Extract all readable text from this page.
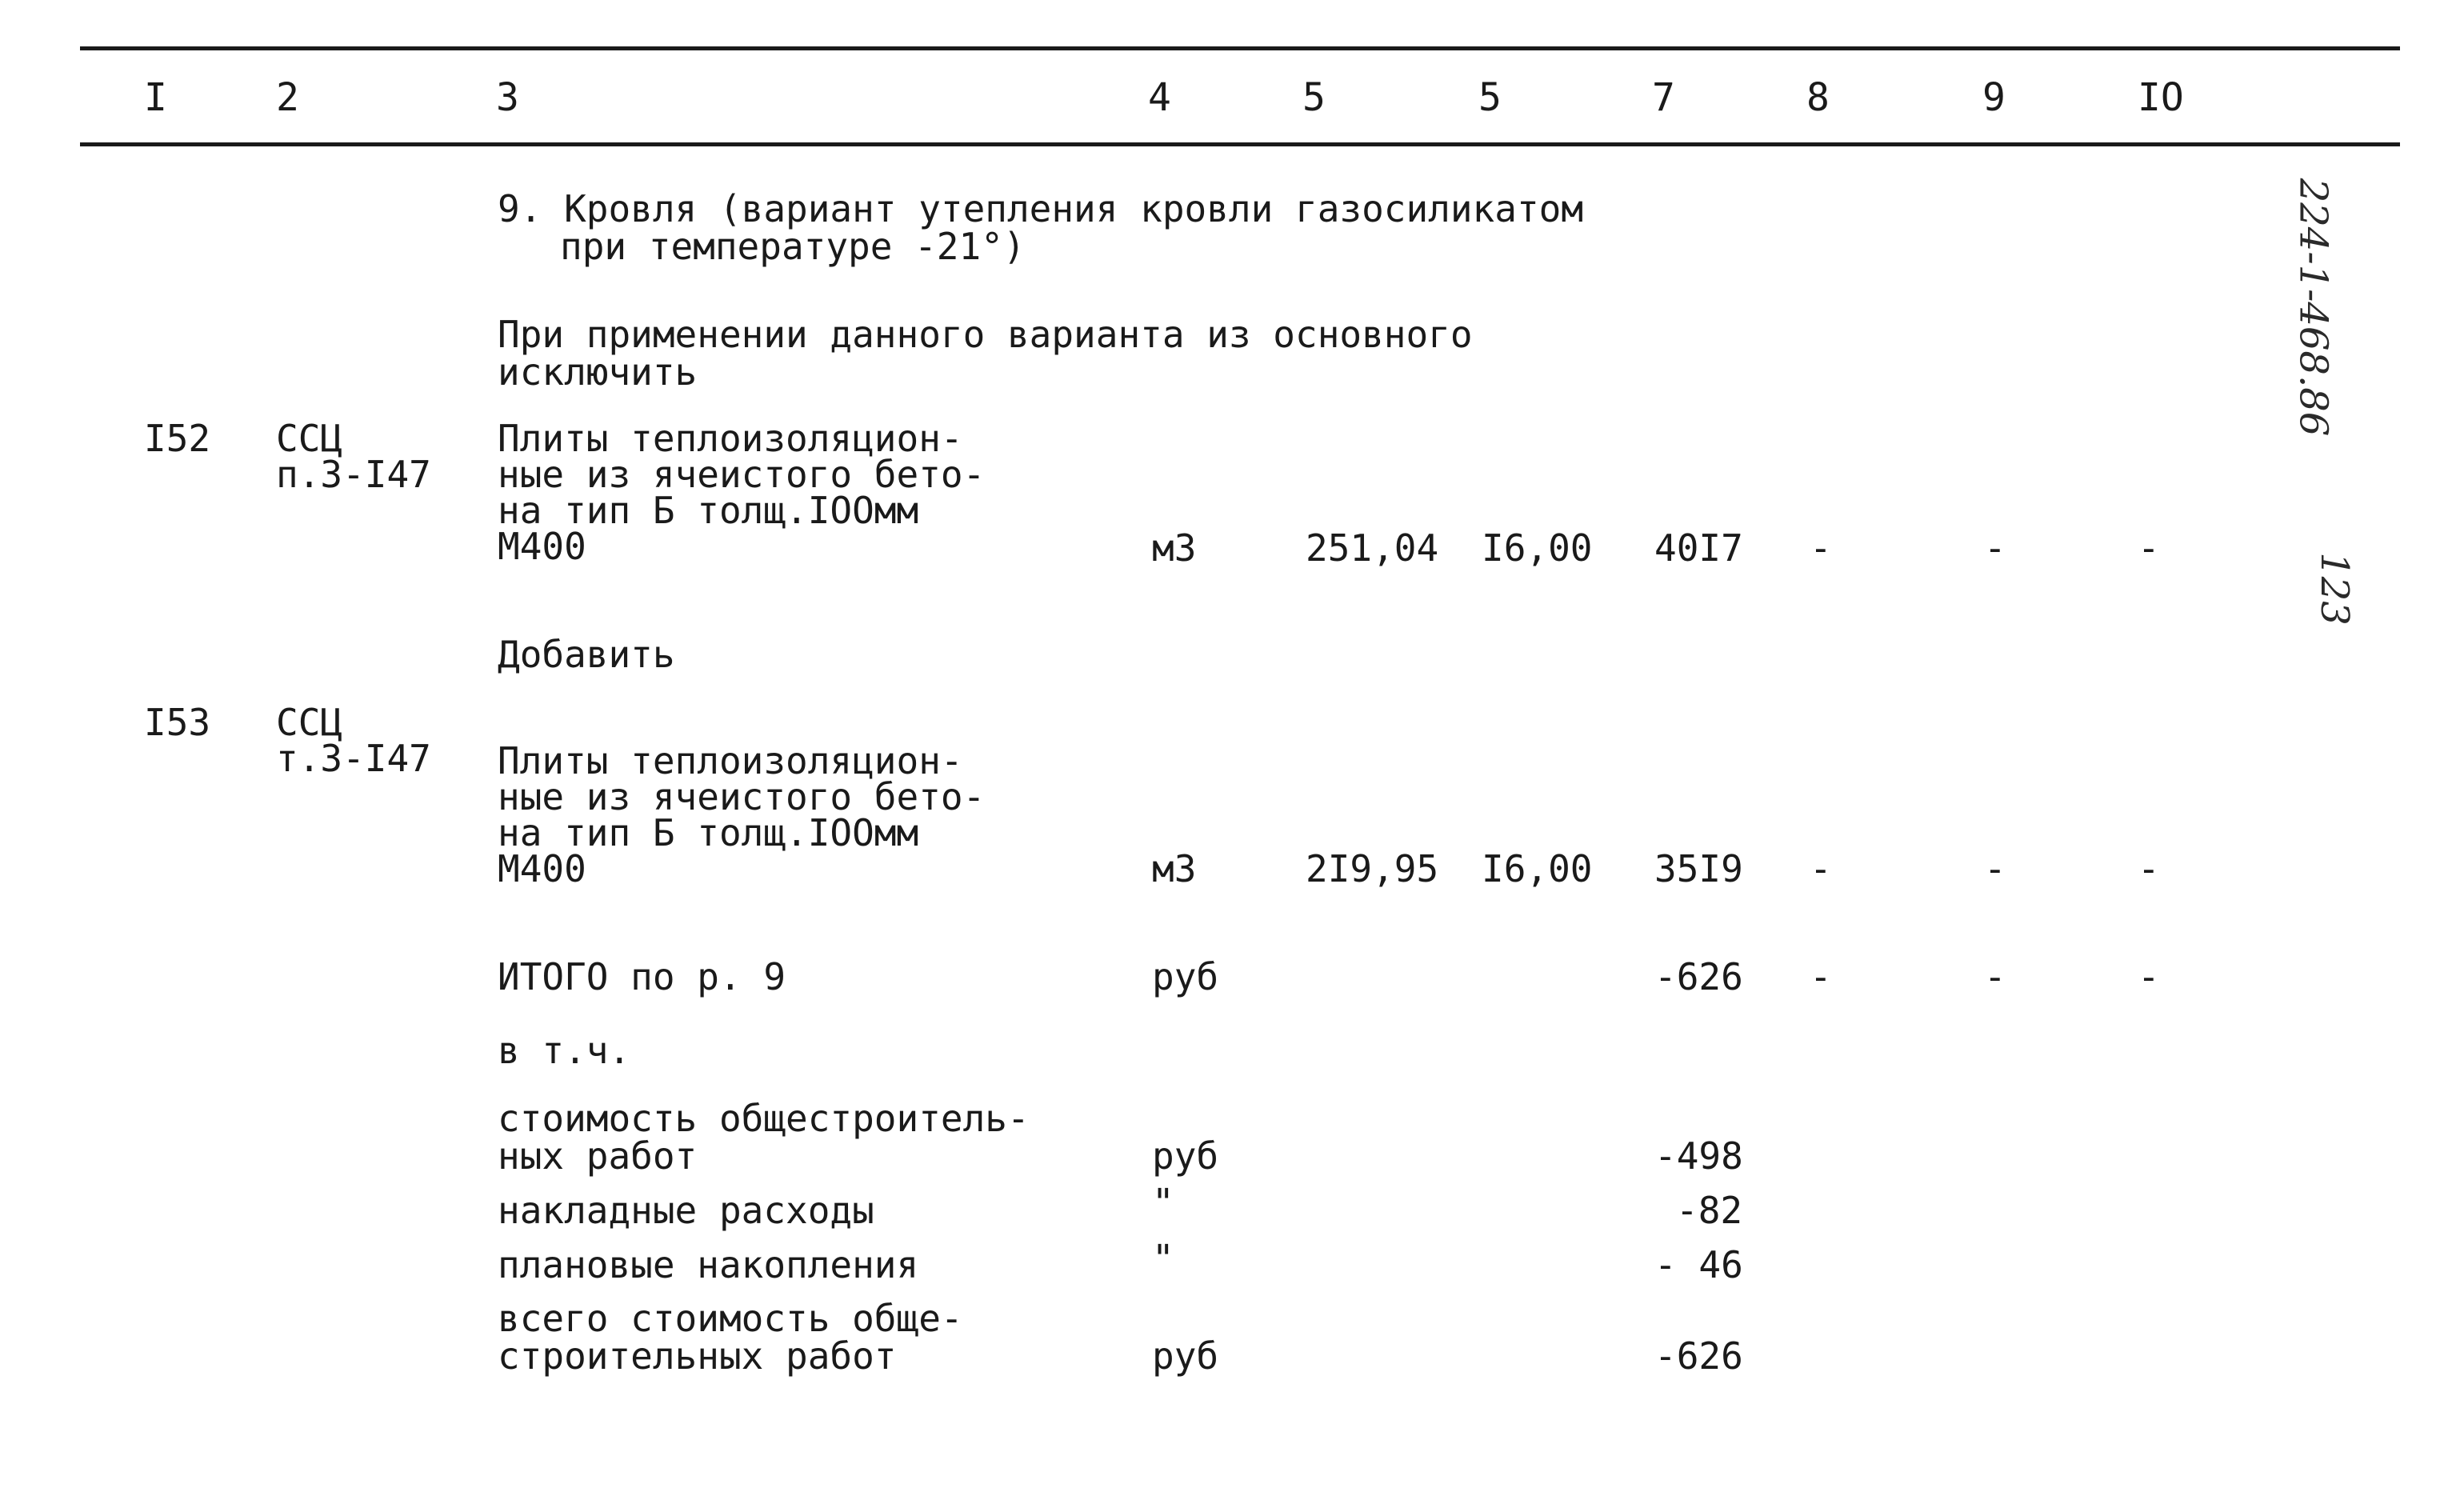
I	2	3	4	5	5	7	8	9	IO
9. Кровля (вариант утепления кровли газосиликатом
при температуре -21°)
При применении данного варианта из основного
исключить
I52 ССЦ
п.3-I47
Плиты теплоизоляцион-
ные из ячеистого бето-
на тип Б толщ.IOOмм
М400	м3	251,04 I6,00 40I7 -	-	-
Добавить
I53 ССЦ
т.3-I47 Плиты теплоизоляцион-
ные из ячеистого бето-
на тип Б толщ.IOOмм
М400	м3	2I9,95 I6,00 35I9 -	-	-
ИТОГО по р. 9	руб	-626 -	-	-
в т.ч.
стоимость общестроитель-
ных работ	руб	-498
накладные расходы	"	-82
плановые накопления	"	- 46
всего стоимость обще-
строительных работ	руб	-626
224-1-468.86
123
